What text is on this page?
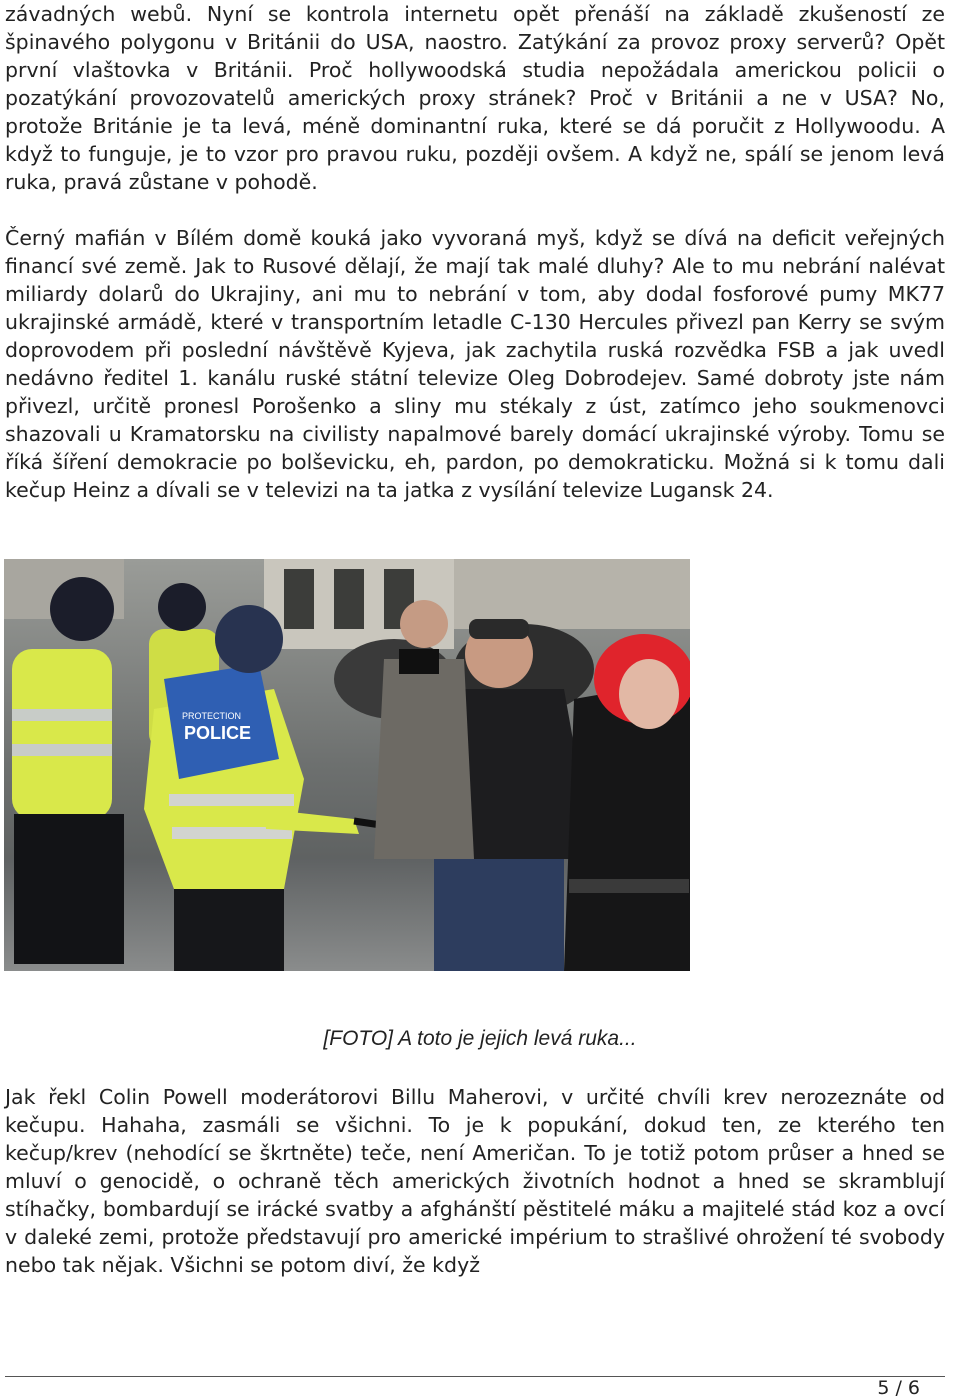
závadných webů. Nyní se kontrola internetu opět přenáší na základě zkušeností ze špinavého polygonu v Británii do USA, naostro. Zatýkání za provoz proxy serverů? Opět první vlaštovka v Británii. Proč hollywoodská studia nepožádala americkou policii o pozatýkání provozovatelů amerických proxy stránek? Proč v Británii a ne v USA? No, protože Británie je ta levá, méně dominantní ruka, které se dá poručit z Hollywoodu. A když to funguje, je to vzor pro pravou ruku, později ovšem. A když ne, spálí se jenom levá ruka, pravá zůstane v pohodě.

Černý mafián v Bílém domě kouká jako vyvoraná myš, když se dívá na deficit veřejných financí své země. Jak to Rusové dělají, že mají tak malé dluhy? Ale to mu nebrání nalévat miliardy dolarů do Ukrajiny, ani mu to nebrání v tom, aby dodal fosforové pumy MK77 ukrajinské armádě, které v transportním letadle C-130 Hercules přivezl pan Kerry se svým doprovodem při poslední návštěvě Kyjeva, jak zachytila ruská rozvědka FSB a jak uvedl nedávno ředitel 1. kanálu ruské státní televize Oleg Dobrodejev. Samé dobroty jste nám přivezl, určitě pronesl Porošenko a sliny mu stékaly z úst, zatímco jeho soukmenovci shazovali u Kramatorsku na civilisty napalmové barely domácí ukrajinské výroby. Tomu se říká šíření demokracie po bolševicku, eh, pardon, po demokraticku. Možná si k tomu dali kečup Heinz a dívali se v televizi na ta jatka z vysílání televize Lugansk 24.

PROTECTION
POLICE
[FOTO] A toto je jejich levá ruka...

Jak řekl Colin Powell moderátorovi Billu Maherovi, v určité chvíli krev nerozeznáte od kečupu. Hahaha, zasmáli se všichni. To je k popukání, dokud ten, ze kterého ten kečup/krev (nehodící se škrtněte) teče, není Američan. To je totiž potom průser a hned se mluví o genocidě, o ochraně těch amerických životních hodnot a hned se skramblují stíhačky, bombardují se irácké svatby a afghánští pěstitelé máku a majitelé stád koz a ovcí v daleké zemi, protože představují pro americké impérium to strašlivé ohrožení té svobody nebo tak nějak. Všichni se potom diví, že když

5 / 6
